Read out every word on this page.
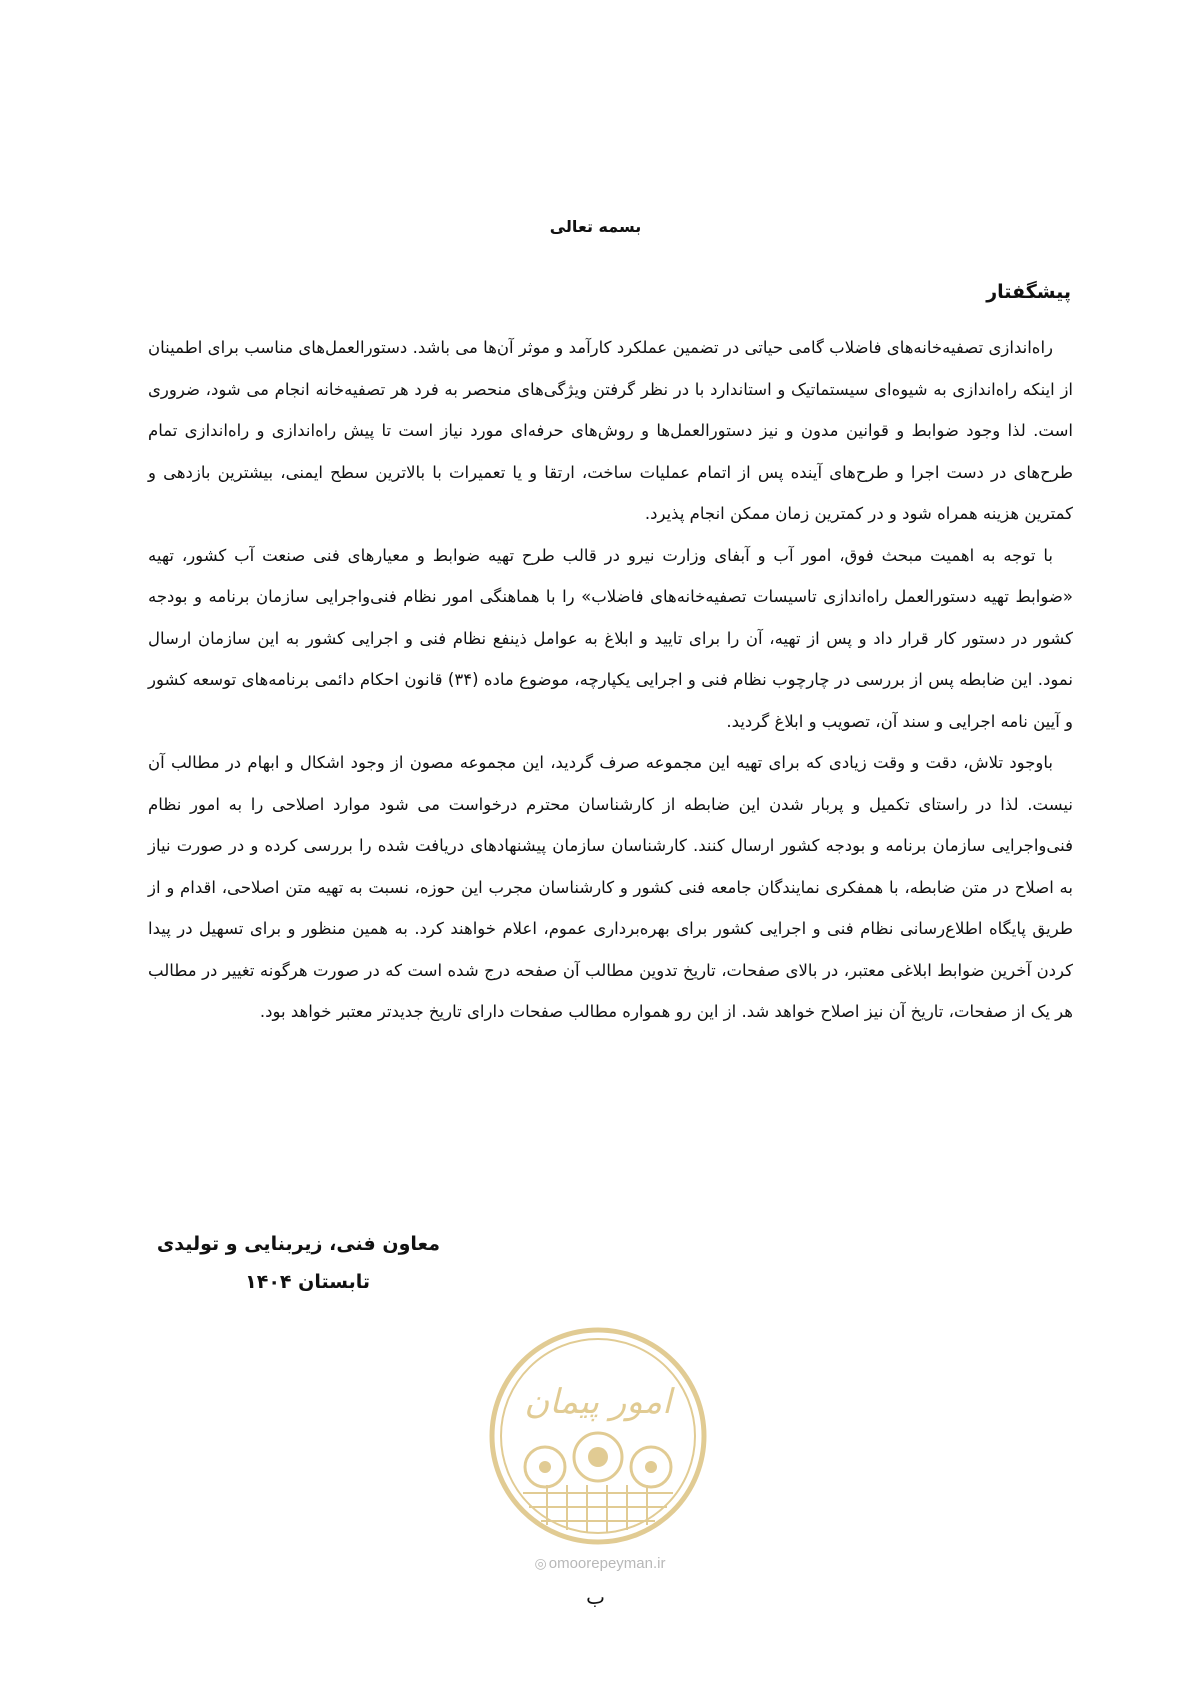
بسمه تعالی
پیشگفتار

راه‌اندازی تصفیه‌خانه‌های فاضلاب گامی حیاتی در تضمین عملکرد کارآمد و موثر آن‌ها می باشد. دستورالعمل‌های مناسب برای اطمینان از اینکه راه‌اندازی به شیوه‌ای سیستماتیک و استاندارد با در نظر گرفتن ویژگی‌های منحصر به فرد هر تصفیه‌خانه انجام می شود، ضروری است. لذا وجود ضوابط و قوانین مدون و نیز دستورالعمل‌ها و روش‌های حرفه‌ای مورد نیاز است تا پیش راه‌اندازی و راه‌اندازی تمام طرح‌های در دست اجرا و طرح‌های آینده پس از اتمام عملیات ساخت، ارتقا و یا تعمیرات با بالاترین سطح ایمنی، بیشترین بازدهی و کمترین هزینه همراه شود و در کمترین زمان ممکن انجام پذیرد.

با توجه به اهمیت مبحث فوق، امور آب و آبفای وزارت نیرو در قالب طرح تهیه ضوابط و معیارهای فنی صنعت آب کشور، تهیه «ضوابط تهیه دستورالعمل راه‌اندازی تاسیسات تصفیه‌خانه‌های فاضلاب» را با هماهنگی امور نظام فنی‌واجرایی سازمان برنامه و بودجه کشور در دستور کار قرار داد و پس از تهیه، آن را برای تایید و ابلاغ به عوامل ذینفع نظام فنی و اجرایی کشور به این سازمان ارسال نمود. این ضابطه پس از بررسی در چارچوب نظام فنی و اجرایی یکپارچه، موضوع ماده (۳۴) قانون احکام دائمی برنامه‌های توسعه کشور و آیین نامه اجرایی و سند آن، تصویب و ابلاغ گردید.

باوجود تلاش، دقت و وقت زیادی که برای تهیه این مجموعه صرف گردید، این مجموعه مصون از وجود اشکال و ابهام در مطالب آن نیست. لذا در راستای تکمیل و پربار شدن این ضابطه از کارشناسان محترم درخواست می شود موارد اصلاحی را به امور نظام فنی‌واجرایی سازمان برنامه و بودجه کشور ارسال کنند. کارشناسان سازمان پیشنهادهای دریافت شده را بررسی کرده و در صورت نیاز به اصلاح در متن ضابطه، با همفکری نمایندگان جامعه فنی کشور و کارشناسان مجرب این حوزه، نسبت به تهیه متن اصلاحی، اقدام و از طریق پایگاه اطلاع‌رسانی نظام فنی و اجرایی کشور برای بهره‌برداری عموم، اعلام خواهند کرد. به همین منظور و برای تسهیل در پیدا کردن آخرین ضوابط ابلاغی معتبر، در بالای صفحات، تاریخ تدوین مطالب آن صفحه درج شده است که در صورت هرگونه تغییر در مطالب هر یک از صفحات، تاریخ آن نیز اصلاح خواهد شد. از این رو همواره مطالب صفحات دارای تاریخ جدیدتر معتبر خواهد بود.

معاون فنی، زیربنایی و تولیدی
تابستان ۱۴۰۴
امور پیمان
◎ omoorepeyman.ir
ب
